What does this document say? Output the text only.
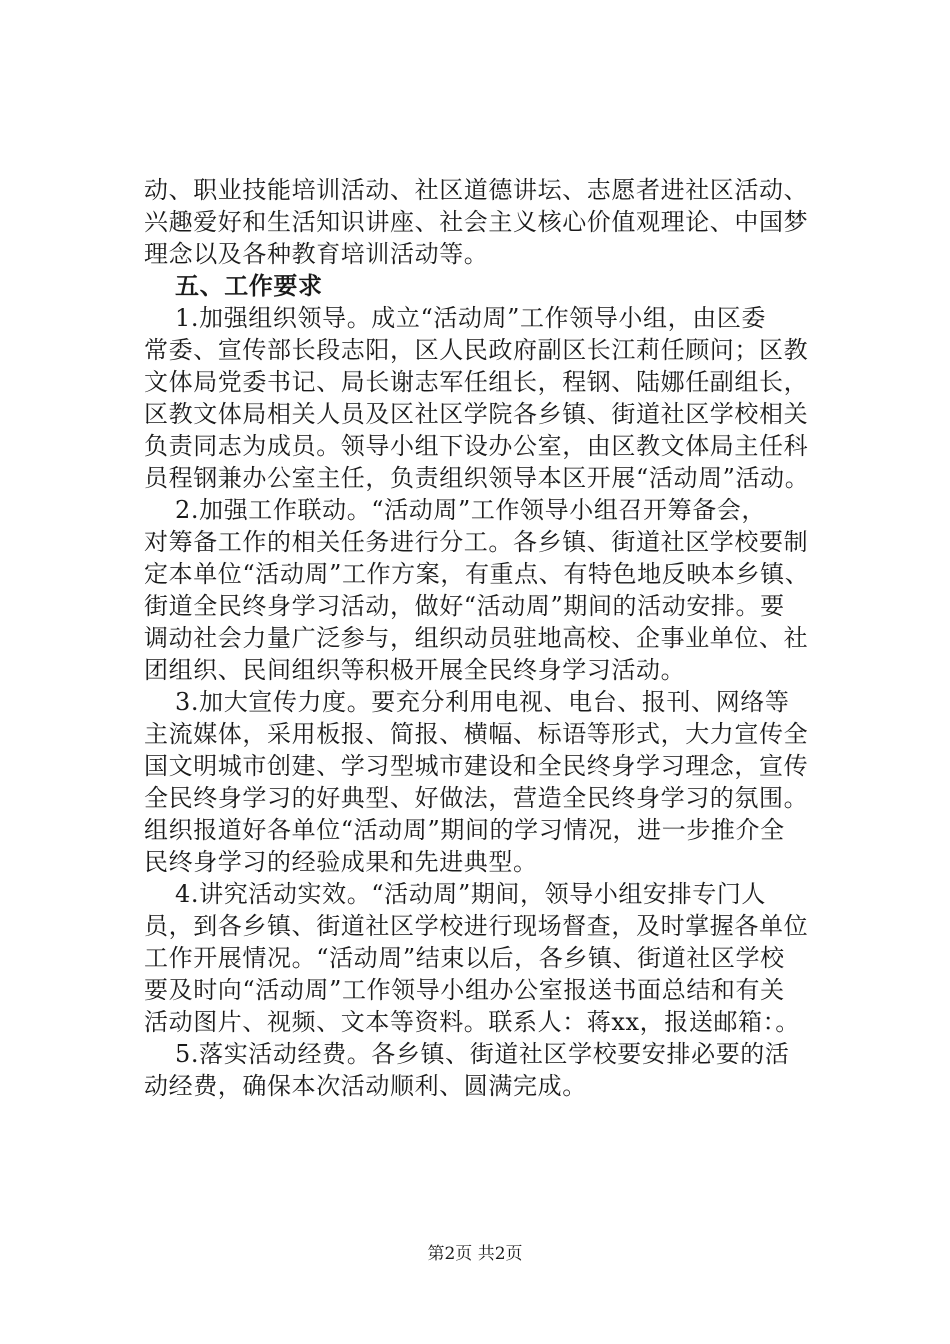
动、职业技能培训活动、社区道德讲坛、志愿者进社区活动、
兴趣爱好和生活知识讲座、社会主义核心价值观理论、中国梦
理念以及各种教育培训活动等。
五、工作要求
1.加强组织领导。成立“活动周”工作领导小组，由区委
常委、宣传部长段志阳，区人民政府副区长江莉任顾问；区教
文体局党委书记、局长谢志军任组长，程钢、陆娜任副组长，
区教文体局相关人员及区社区学院各乡镇、街道社区学校相关
负责同志为成员。领导小组下设办公室，由区教文体局主任科
员程钢兼办公室主任，负责组织领导本区开展“活动周”活动。
2.加强工作联动。“活动周”工作领导小组召开筹备会，
对筹备工作的相关任务进行分工。各乡镇、街道社区学校要制
定本单位“活动周”工作方案，有重点、有特色地反映本乡镇、
街道全民终身学习活动，做好“活动周”期间的活动安排。要
调动社会力量广泛参与，组织动员驻地高校、企事业单位、社
团组织、民间组织等积极开展全民终身学习活动。
3.加大宣传力度。要充分利用电视、电台、报刊、网络等
主流媒体，采用板报、简报、横幅、标语等形式，大力宣传全
国文明城市创建、学习型城市建设和全民终身学习理念，宣传
全民终身学习的好典型、好做法，营造全民终身学习的氛围。
组织报道好各单位“活动周”期间的学习情况，进一步推介全
民终身学习的经验成果和先进典型。
4.讲究活动实效。“活动周”期间，领导小组安排专门人
员，到各乡镇、街道社区学校进行现场督查，及时掌握各单位
工作开展情况。“活动周”结束以后，各乡镇、街道社区学校
要及时向“活动周”工作领导小组办公室报送书面总结和有关
活动图片、视频、文本等资料。联系人：蒋xx，报送邮箱：。
5.落实活动经费。各乡镇、街道社区学校要安排必要的活
动经费，确保本次活动顺利、圆满完成。
第2页 共2页
